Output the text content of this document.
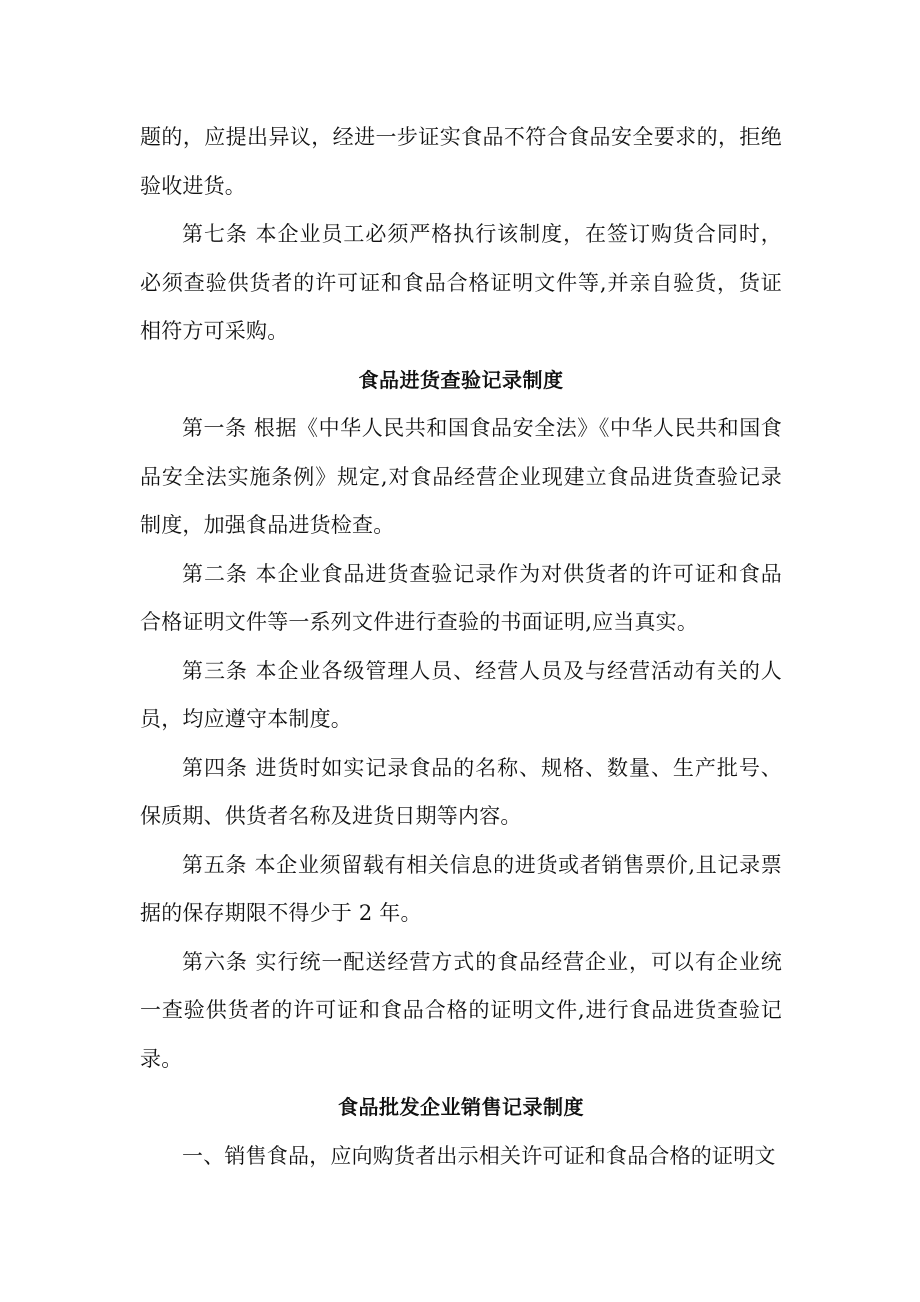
题的，应提出异议，经进一步证实食品不符合食品安全要求的，拒绝验收进货。

第七条 本企业员工必须严格执行该制度，在签订购货合同时，必须查验供货者的许可证和食品合格证明文件等,并亲自验货，货证相符方可采购。

食品进货查验记录制度

第一条 根据《中华人民共和国食品安全法》《中华人民共和国食品安全法实施条例》规定,对食品经营企业现建立食品进货查验记录制度，加强食品进货检查。

第二条 本企业食品进货查验记录作为对供货者的许可证和食品合格证明文件等一系列文件进行查验的书面证明,应当真实。

第三条 本企业各级管理人员、经营人员及与经营活动有关的人员，均应遵守本制度。

第四条 进货时如实记录食品的名称、规格、数量、生产批号、保质期、供货者名称及进货日期等内容。

第五条 本企业须留载有相关信息的进货或者销售票价,且记录票据的保存期限不得少于 2 年。

第六条 实行统一配送经营方式的食品经营企业，可以有企业统一查验供货者的许可证和食品合格的证明文件,进行食品进货查验记录。

食品批发企业销售记录制度

一、销售食品，应向购货者出示相关许可证和食品合格的证明文
